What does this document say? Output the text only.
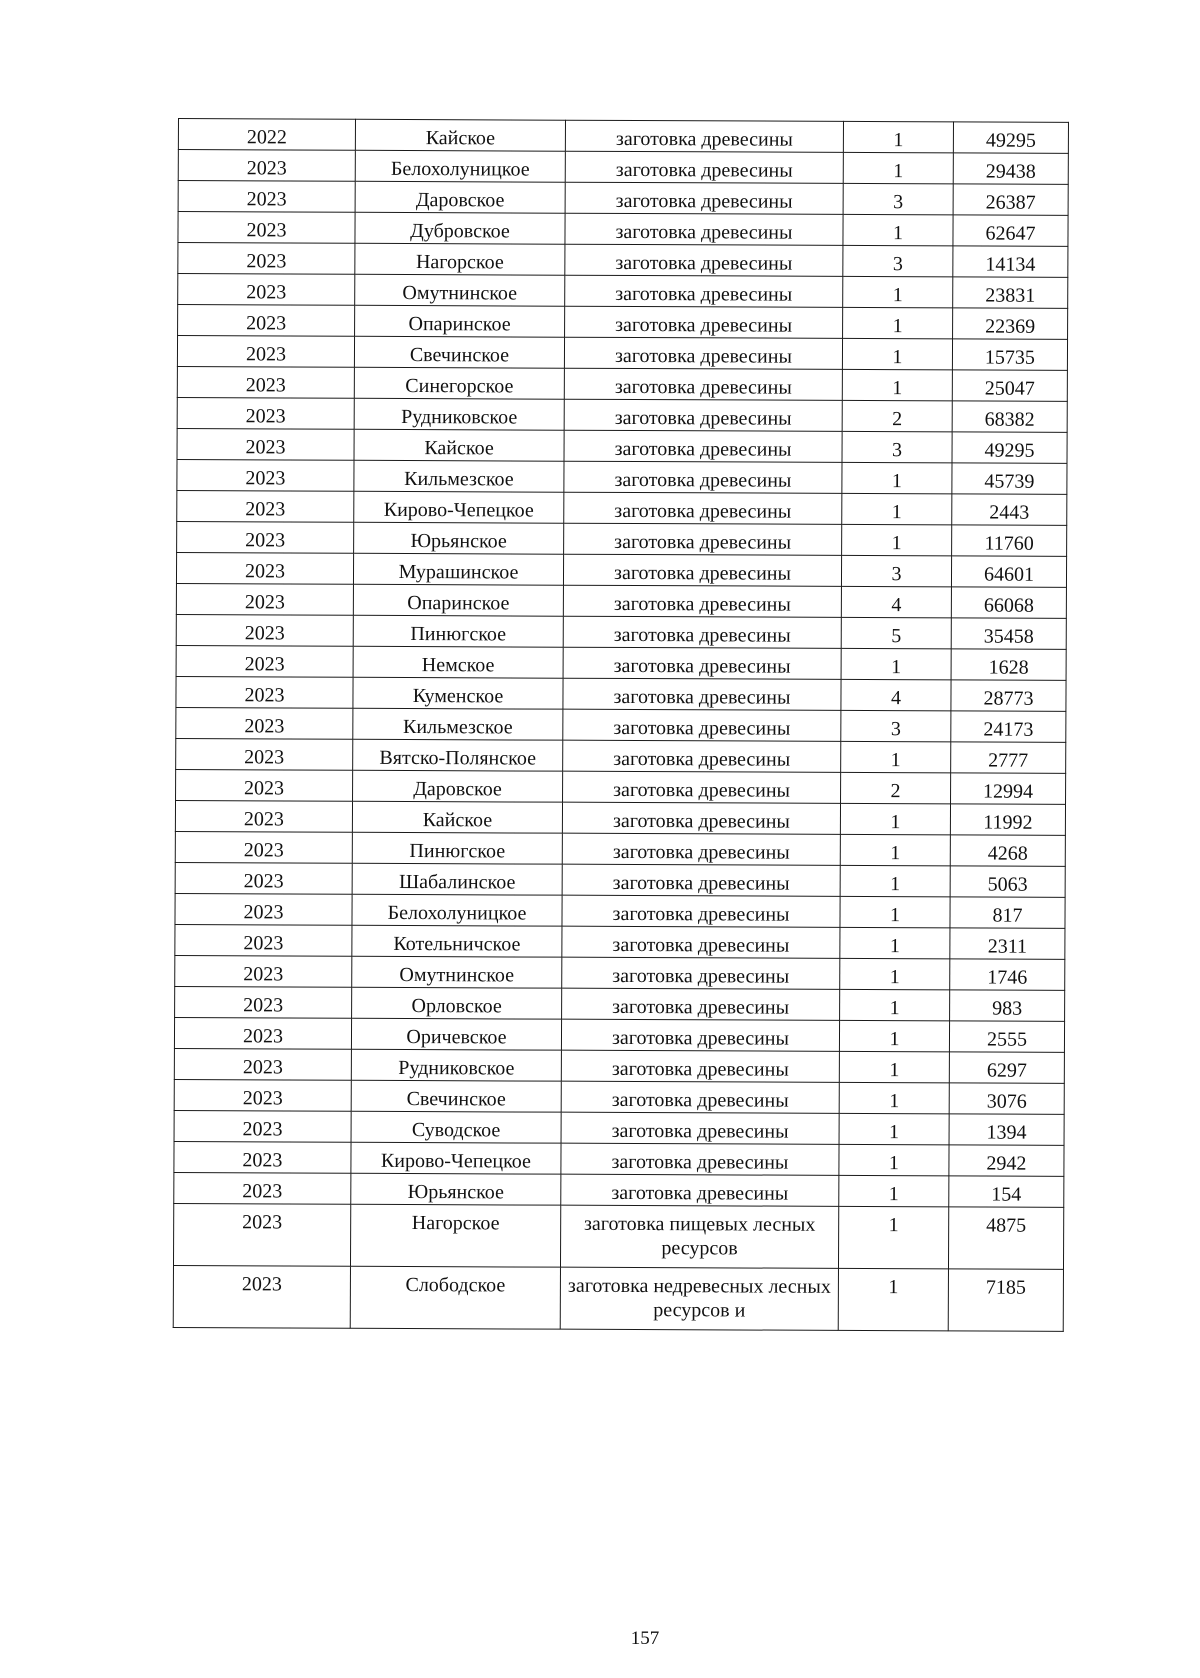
2022	Кайское	заготовка древесины	1	49295
2023	Белохолуницкое	заготовка древесины	1	29438
2023	Даровское	заготовка древесины	3	26387
2023	Дубровское	заготовка древесины	1	62647
2023	Нагорское	заготовка древесины	3	14134
2023	Омутнинское	заготовка древесины	1	23831
2023	Опаринское	заготовка древесины	1	22369
2023	Свечинское	заготовка древесины	1	15735
2023	Синегорское	заготовка древесины	1	25047
2023	Рудниковское	заготовка древесины	2	68382
2023	Кайское	заготовка древесины	3	49295
2023	Кильмезское	заготовка древесины	1	45739
2023	Кирово-Чепецкое	заготовка древесины	1	2443
2023	Юрьянское	заготовка древесины	1	11760
2023	Мурашинское	заготовка древесины	3	64601
2023	Опаринское	заготовка древесины	4	66068
2023	Пинюгское	заготовка древесины	5	35458
2023	Немское	заготовка древесины	1	1628
2023	Куменское	заготовка древесины	4	28773
2023	Кильмезское	заготовка древесины	3	24173
2023	Вятско-Полянское	заготовка древесины	1	2777
2023	Даровское	заготовка древесины	2	12994
2023	Кайское	заготовка древесины	1	11992
2023	Пинюгское	заготовка древесины	1	4268
2023	Шабалинское	заготовка древесины	1	5063
2023	Белохолуницкое	заготовка древесины	1	817
2023	Котельничское	заготовка древесины	1	2311
2023	Омутнинское	заготовка древесины	1	1746
2023	Орловское	заготовка древесины	1	983
2023	Оричевское	заготовка древесины	1	2555
2023	Рудниковское	заготовка древесины	1	6297
2023	Свечинское	заготовка древесины	1	3076
2023	Суводское	заготовка древесины	1	1394
2023	Кирово-Чепецкое	заготовка древесины	1	2942
2023	Юрьянское	заготовка древесины	1	154
2023	Нагорское	заготовка пищевых лесных ресурсов	1	4875
2023	Слободское	заготовка недревесных лесных ресурсов и	1	7185
157
